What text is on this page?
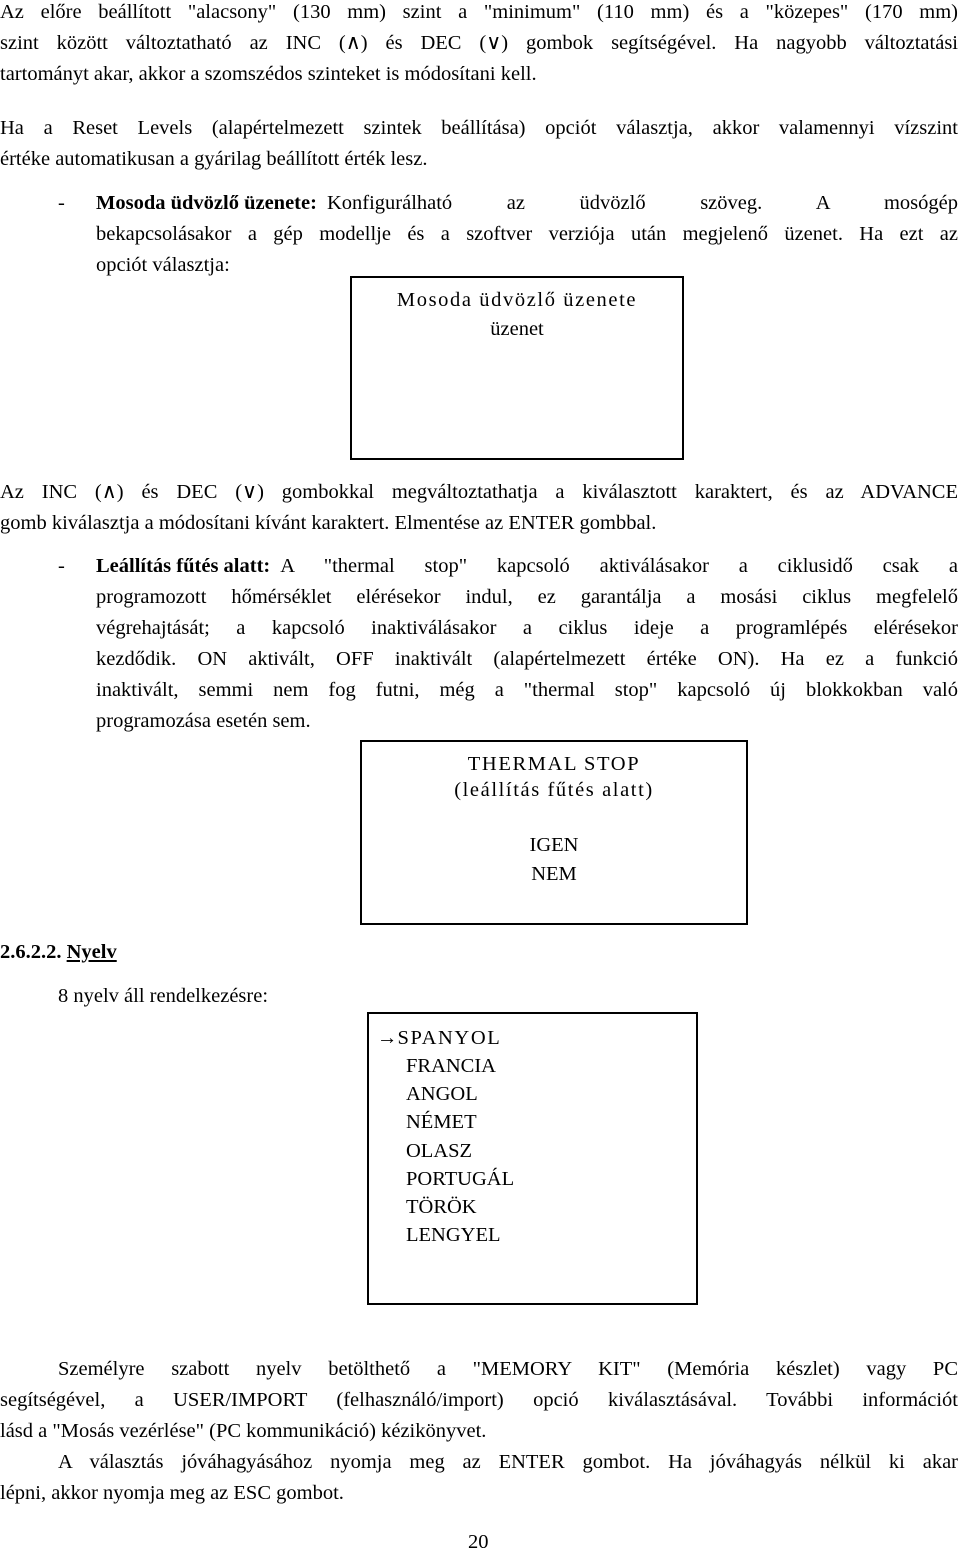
Az előre beállított "alacsony" (130 mm) szint a "minimum" (110 mm) és a "közepes" (170 mm)
szint között változtatható az INC (∧) és DEC (∨) gombok segítségével. Ha nagyobb változtatási
tartományt akar, akkor a szomszédos szinteket is módosítani kell.
Ha a Reset Levels (alapértelmezett szintek beállítása) opciót választja, akkor valamennyi vízszint
értéke automatikusan a gyárilag beállított érték lesz.
- Mosoda üdvözlő üzenete: Konfigurálható az üdvözlő szöveg. A mosógép
bekapcsolásakor a gép modellje és a szoftver verziója után megjelenő üzenet. Ha ezt az
opciót választja:
Mosoda üdvözlő üzenete
üzenet
Az INC (∧) és DEC (∨) gombokkal megváltoztathatja a kiválasztott karaktert, és az ADVANCE
gomb kiválasztja a módosítani kívánt karaktert. Elmentése az ENTER gombbal.
- Leállítás fűtés alatt: A "thermal stop" kapcsoló aktiválásakor a ciklusidő csak a
programozott hőmérséklet elérésekor indul, ez garantálja a mosási ciklus megfelelő
végrehajtását; a kapcsoló inaktiválásakor a ciklus ideje a programlépés elérésekor
kezdődik. ON aktivált, OFF inaktivált (alapértelmezett értéke ON). Ha ez a funkció
inaktivált, semmi nem fog futni, még a "thermal stop" kapcsoló új blokkokban való
programozása esetén sem.
THERMAL STOP
(leállítás fűtés alatt)
IGEN
NEM
2.6.2.2. Nyelv
8 nyelv áll rendelkezésre:
→SPANYOL
FRANCIA
ANGOL
NÉMET
OLASZ
PORTUGÁL
TÖRÖK
LENGYEL
Személyre szabott nyelv betölthető a "MEMORY KIT" (Memória készlet) vagy PC
segítségével, a USER/IMPORT (felhasználó/import) opció kiválasztásával. További információt
lásd a "Mosás vezérlése" (PC kommunikáció) kézikönyvet.
A választás jóváhagyásához nyomja meg az ENTER gombot. Ha jóváhagyás nélkül ki akar
lépni, akkor nyomja meg az ESC gombot.
20
